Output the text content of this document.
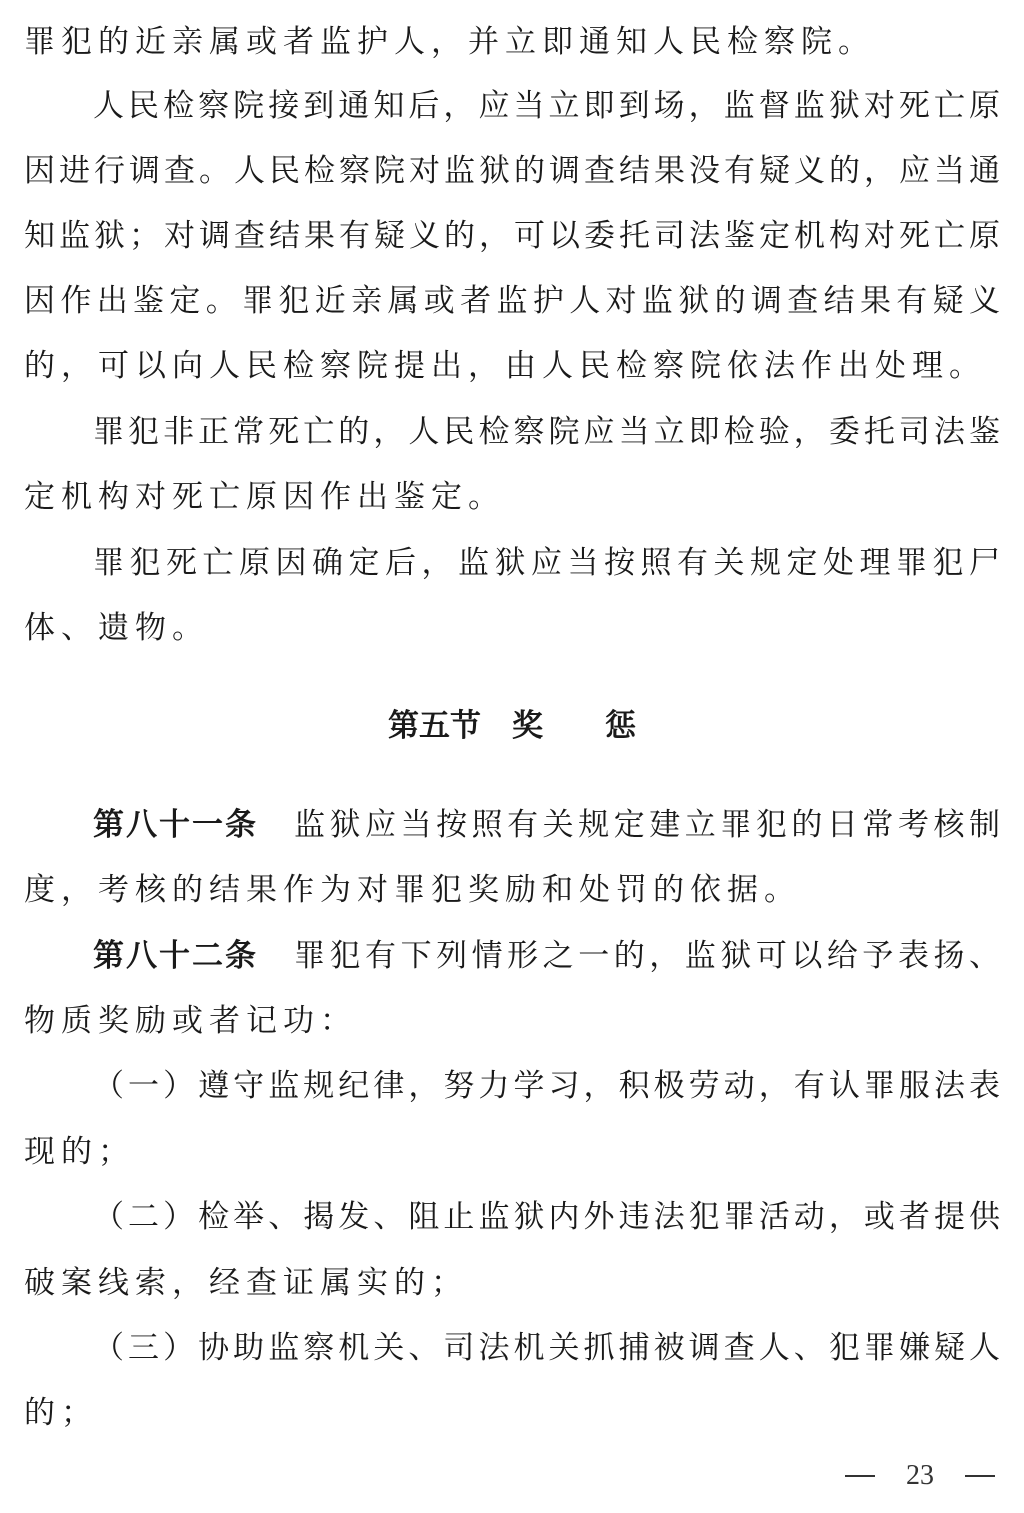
罪犯的近亲属或者监护人，并立即通知人民检察院。
人民检察院接到通知后，应当立即到场，监督监狱对死亡原
因进行调查。人民检察院对监狱的调查结果没有疑义的，应当通
知监狱；对调查结果有疑义的，可以委托司法鉴定机构对死亡原
因作出鉴定。罪犯近亲属或者监护人对监狱的调查结果有疑义
的，可以向人民检察院提出，由人民检察院依法作出处理。
罪犯非正常死亡的，人民检察院应当立即检验，委托司法鉴
定机构对死亡原因作出鉴定。
罪犯死亡原因确定后，监狱应当按照有关规定处理罪犯尸
体、遗物。
第五节　奖　　惩
第八十一条 监狱应当按照有关规定建立罪犯的日常考核制
度，考核的结果作为对罪犯奖励和处罚的依据。
第八十二条 罪犯有下列情形之一的，监狱可以给予表扬、
物质奖励或者记功：
（一）遵守监规纪律，努力学习，积极劳动，有认罪服法表
现的；
（二）检举、揭发、阻止监狱内外违法犯罪活动，或者提供
破案线索，经查证属实的；
（三）协助监察机关、司法机关抓捕被调查人、犯罪嫌疑人
的；
23
